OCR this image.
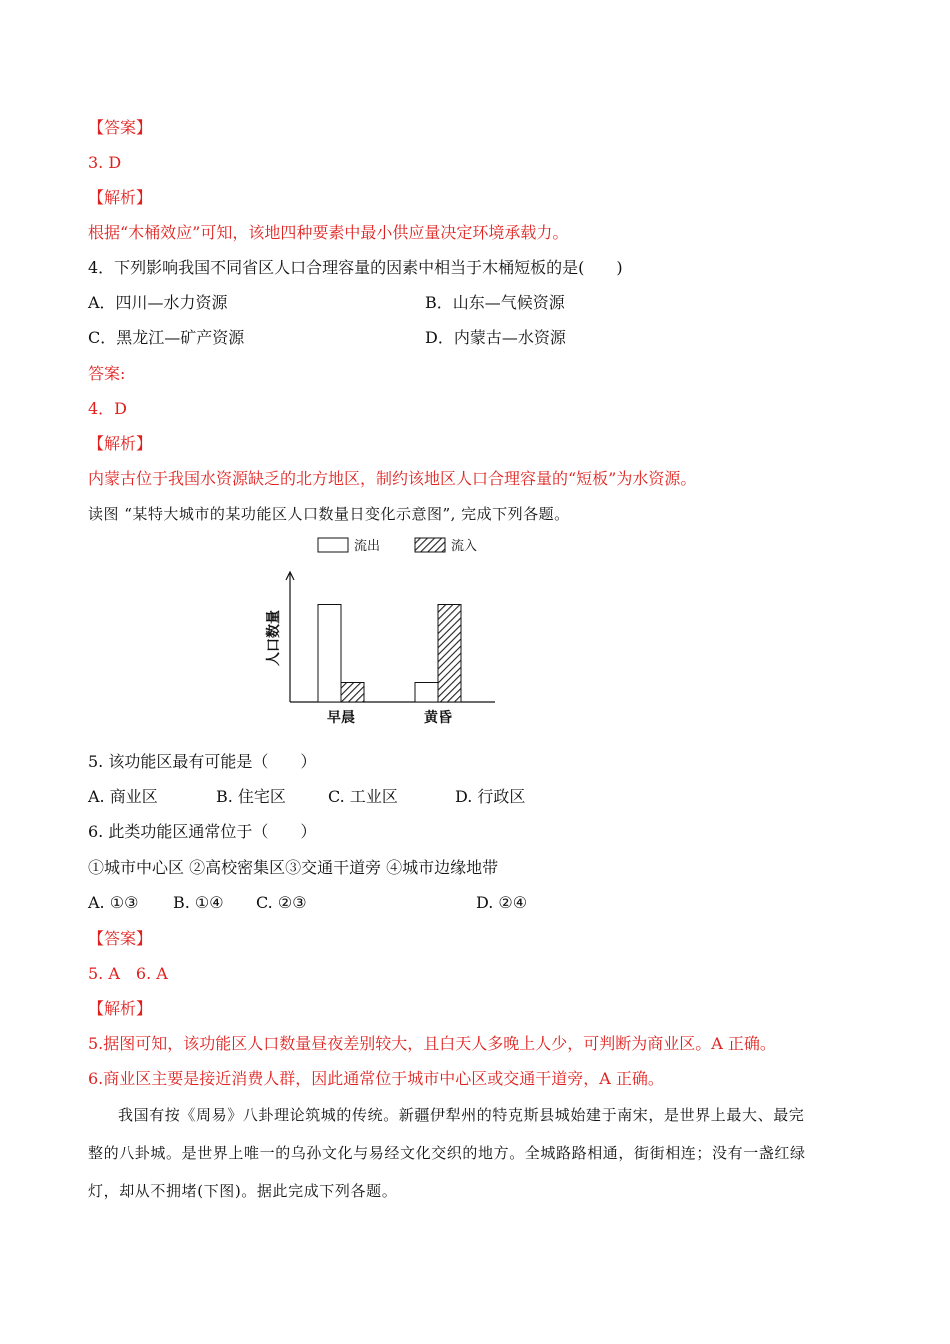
【答案】
3. D
【解析】
根据“木桶效应”可知，该地四种要素中最小供应量决定环境承载力。
4．下列影响我国不同省区人口合理容量的因素中相当于木桶短板的是(　　)
A．四川—水力资源	B．山东—气候资源
C．黑龙江—矿产资源	D．内蒙古—水资源
答案:
4．D
【解析】
内蒙古位于我国水资源缺乏的北方地区，制约该地区人口合理容量的“短板”为水资源。
读图 “某特大城市的某功能区人口数量日变化示意图”, 完成下列各题。
流出	流入
人口数量
早晨	黄昏
5. 该功能区最有可能是（　　）
A. 商业区	B. 住宅区	C. 工业区	D. 行政区
6. 此类功能区通常位于（　　）
①城市中心区 ②高校密集区③交通干道旁 ④城市边缘地带
A. ①③ B. ①④ C. ②③	D. ②④
【答案】
5. A　6. A
【解析】
5.据图可知，该功能区人口数量昼夜差别较大，且白天人多晚上人少，可判断为商业区。A 正确。
6.商业区主要是接近消费人群，因此通常位于城市中心区或交通干道旁，A 正确。
我国有按《周易》八卦理论筑城的传统。新疆伊犁州的特克斯县城始建于南宋，是世界上最大、最完
整的八卦城。是世界上唯一的乌孙文化与易经文化交织的地方。全城路路相通，街街相连；没有一盏红绿
灯，却从不拥堵(下图)。据此完成下列各题。
